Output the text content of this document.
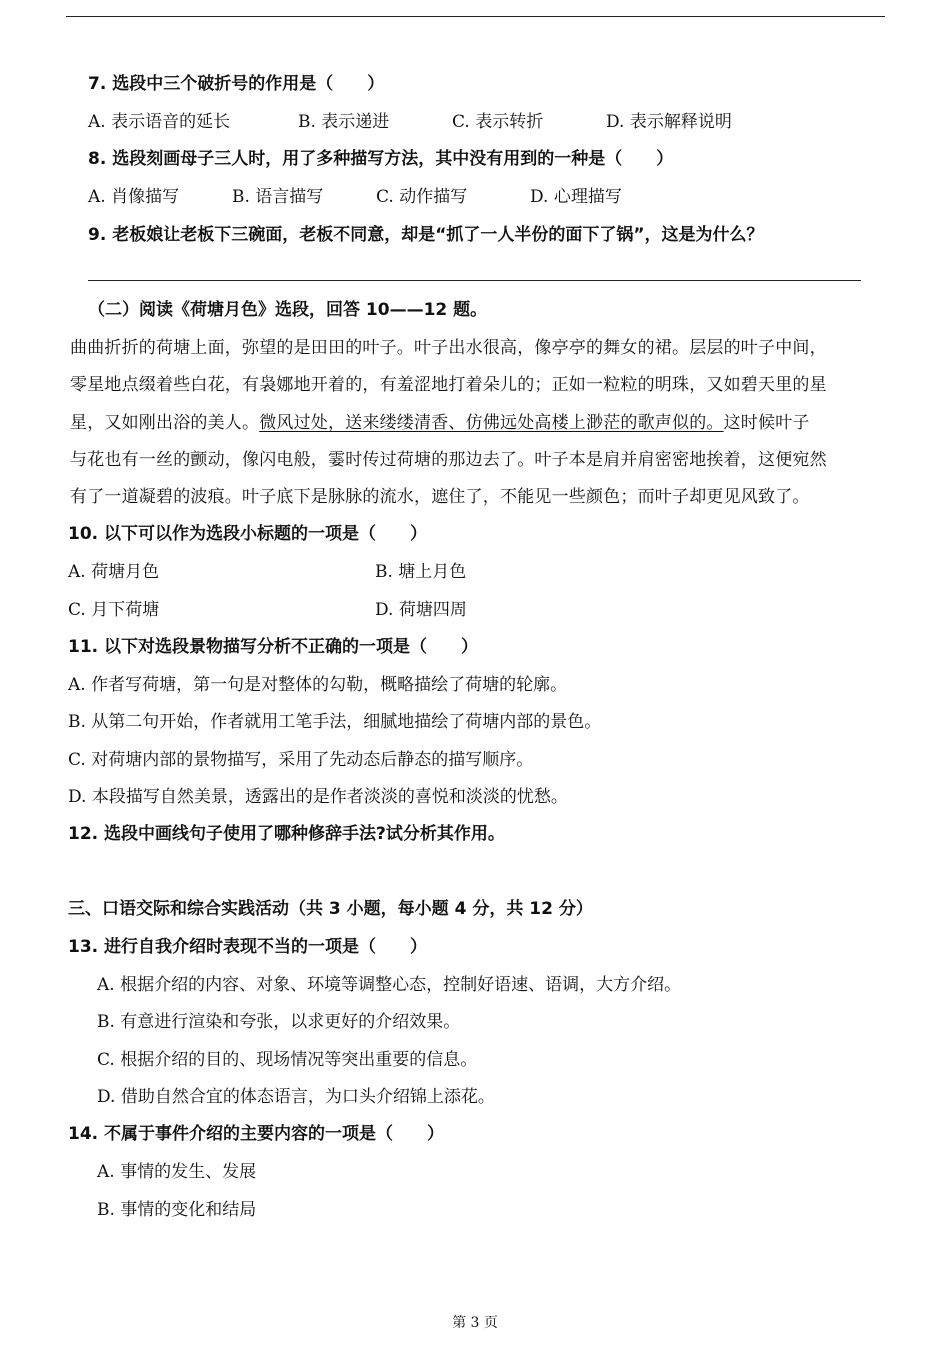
7. 选段中三个破折号的作用是（　　）
A. 表示语音的延长	B. 表示递进	C. 表示转折	D. 表示解释说明
8. 选段刻画母子三人时，用了多种描写方法，其中没有用到的一种是（　　）
A. 肖像描写	B. 语言描写	C. 动作描写	D. 心理描写
9. 老板娘让老板下三碗面，老板不同意，却是“抓了一人半份的面下了锅”，这是为什么？
（二）阅读《荷塘月色》选段，回答 10——12 题。
曲曲折折的荷塘上面，弥望的是田田的叶子。叶子出水很高，像亭亭的舞女的裙。层层的叶子中间，
零星地点缀着些白花，有袅娜地开着的，有羞涩地打着朵儿的；正如一粒粒的明珠，又如碧天里的星
星，又如刚出浴的美人。微风过处，送来缕缕清香、仿佛远处高楼上渺茫的歌声似的。这时候叶子
与花也有一丝的颤动，像闪电般，霎时传过荷塘的那边去了。叶子本是肩并肩密密地挨着，这便宛然
有了一道凝碧的波痕。叶子底下是脉脉的流水，遮住了，不能见一些颜色；而叶子却更见风致了。
10. 以下可以作为选段小标题的一项是（　　）
A. 荷塘月色	B. 塘上月色
C. 月下荷塘	D. 荷塘四周
11. 以下对选段景物描写分析不正确的一项是（　　）
A. 作者写荷塘，第一句是对整体的勾勒，概略描绘了荷塘的轮廓。
B. 从第二句开始，作者就用工笔手法，细腻地描绘了荷塘内部的景色。
C. 对荷塘内部的景物描写，采用了先动态后静态的描写顺序。
D. 本段描写自然美景，透露出的是作者淡淡的喜悦和淡淡的忧愁。
12. 选段中画线句子使用了哪种修辞手法?试分析其作用。
三、口语交际和综合实践活动（共 3 小题，每小题 4 分，共 12 分）
13. 进行自我介绍时表现不当的一项是（　　）
A. 根据介绍的内容、对象、环境等调整心态，控制好语速、语调，大方介绍。
B. 有意进行渲染和夸张，以求更好的介绍效果。
C. 根据介绍的目的、现场情况等突出重要的信息。
D. 借助自然合宜的体态语言，为口头介绍锦上添花。
14. 不属于事件介绍的主要内容的一项是（　　）
A. 事情的发生、发展
B. 事情的变化和结局
第 3 页
